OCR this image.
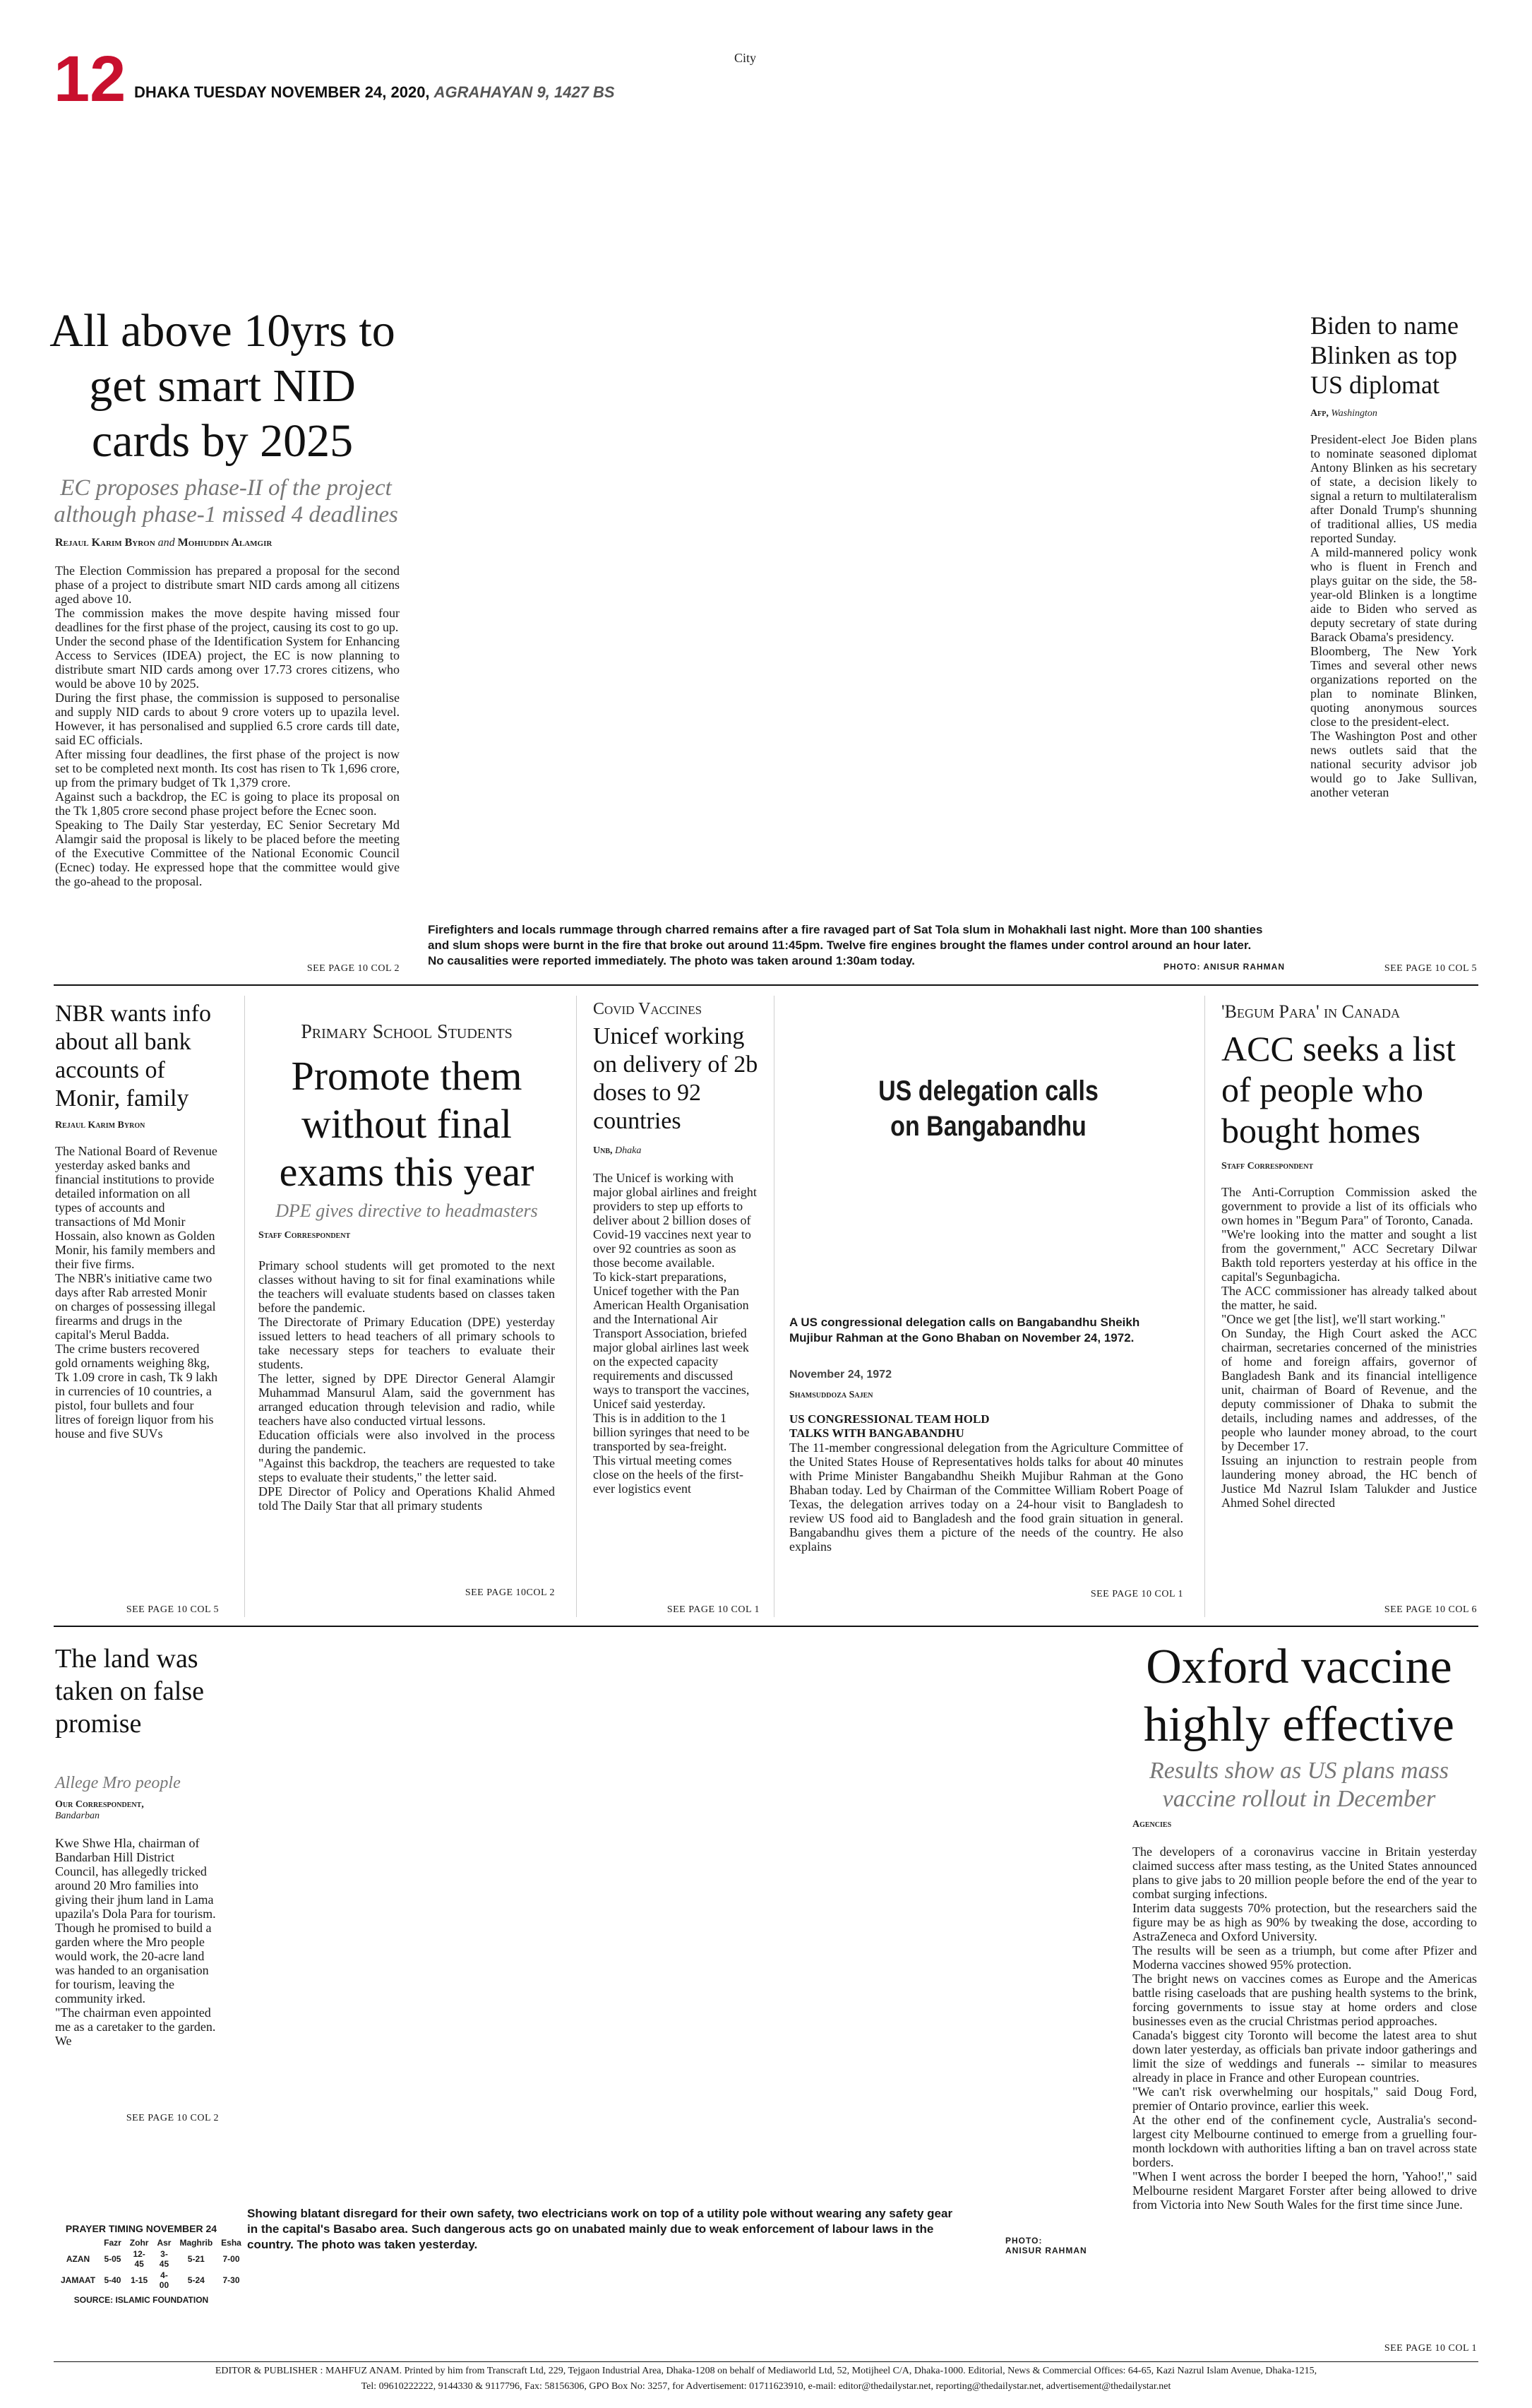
12 DHAKA TUESDAY NOVEMBER 24, 2020, AGRAHAYAN 9, 1427 BS
City
All above 10yrs to get smart NID cards by 2025
EC proposes phase-II of the project although phase-1 missed 4 deadlines
Rejaul Karim Byron and Mohiuddin Alamgir
The Election Commission has prepared a proposal for the second phase of a project to distribute smart NID cards among all citizens aged above 10.
The commission makes the move despite having missed four deadlines for the first phase of the project, causing its cost to go up.
Under the second phase of the Identification System for Enhancing Access to Services (IDEA) project, the EC is now planning to distribute smart NID cards among over 17.73 crores citizens, who would be above 10 by 2025.
During the first phase, the commission is supposed to personalise and supply NID cards to about 9 crore voters up to upazila level. However, it has personalised and supplied 6.5 crore cards till date, said EC officials.
After missing four deadlines, the first phase of the project is now set to be completed next month. Its cost has risen to Tk 1,696 crore, up from the primary budget of Tk 1,379 crore.
Against such a backdrop, the EC is going to place its proposal on the Tk 1,805 crore second phase project before the Ecnec soon.
Speaking to The Daily Star yesterday, EC Senior Secretary Md Alamgir said the proposal is likely to be placed before the meeting of the Executive Committee of the National Economic Council (Ecnec) today. He expressed hope that the committee would give the go-ahead to the proposal.
SEE PAGE 10 COL 2
Firefighters and locals rummage through charred remains after a fire ravaged part of Sat Tola slum in Mohakhali last night. More than 100 shanties and slum shops were burnt in the fire that broke out around 11:45pm. Twelve fire engines brought the flames under control around an hour later. No causalities were reported immediately. The photo was taken around 1:30am today.	PHOTO: ANISUR RAHMAN
Biden to name Blinken as top US diplomat
Afp, Washington
President-elect Joe Biden plans to nominate seasoned diplomat Antony Blinken as his secretary of state, a decision likely to signal a return to multilateralism after Donald Trump's shunning of traditional allies, US media reported Sunday.
A mild-mannered policy wonk who is fluent in French and plays guitar on the side, the 58-year-old Blinken is a longtime aide to Biden who served as deputy secretary of state during Barack Obama's presidency.
Bloomberg, The New York Times and several other news organizations reported on the plan to nominate Blinken, quoting anonymous sources close to the president-elect.
The Washington Post and other news outlets said that the national security advisor job would go to Jake Sullivan, another veteran
SEE PAGE 10 COL 5
NBR wants info about all bank accounts of Monir, family
Rejaul Karim Byron
The National Board of Revenue yesterday asked banks and financial institutions to provide detailed information on all types of accounts and transactions of Md Monir Hossain, also known as Golden Monir, his family members and their five firms.
The NBR's initiative came two days after Rab arrested Monir on charges of possessing illegal firearms and drugs in the capital's Merul Badda.
The crime busters recovered gold ornaments weighing 8kg, Tk 1.09 crore in cash, Tk 9 lakh in currencies of 10 countries, a pistol, four bullets and four litres of foreign liquor from his house and five SUVs
SEE PAGE 10 COL 5
Primary School Students
Promote them without final exams this year
DPE gives directive to headmasters
Staff Correspondent
Primary school students will get promoted to the next classes without having to sit for final examinations while the teachers will evaluate students based on classes taken before the pandemic.
The Directorate of Primary Education (DPE) yesterday issued letters to head teachers of all primary schools to take necessary steps for teachers to evaluate their students.
The letter, signed by DPE Director General Alamgir Muhammad Mansurul Alam, said the government has arranged education through television and radio, while teachers have also conducted virtual lessons.
Education officials were also involved in the process during the pandemic.
"Against this backdrop, the teachers are requested to take steps to evaluate their students," the letter said.
DPE Director of Policy and Operations Khalid Ahmed told The Daily Star that all primary students
SEE PAGE 10COL 2
Covid Vaccines
Unicef working on delivery of 2b doses to 92 countries
Unb, Dhaka
The Unicef is working with major global airlines and freight providers to step up efforts to deliver about 2 billion doses of Covid-19 vaccines next year to over 92 countries as soon as those become available.
To kick-start preparations, Unicef together with the Pan American Health Organisation and the International Air Transport Association, briefed major global airlines last week on the expected capacity requirements and discussed ways to transport the vaccines, Unicef said yesterday.
This is in addition to the 1 billion syringes that need to be transported by sea-freight.
This virtual meeting comes close on the heels of the first-ever logistics event
SEE PAGE 10 COL 1
US delegation calls on Bangabandhu
A US congressional delegation calls on Bangabandhu Sheikh Mujibur Rahman at the Gono Bhaban on November 24, 1972.
November 24, 1972
Shamsuddoza Sajen
US CONGRESSIONAL TEAM HOLD TALKS WITH BANGABANDHU
The 11-member congressional delegation from the Agriculture Committee of the United States House of Representatives holds talks for about 40 minutes with Prime Minister Bangabandhu Sheikh Mujibur Rahman at the Gono Bhaban today. Led by Chairman of the Committee William Robert Poage of Texas, the delegation arrives today on a 24-hour visit to Bangladesh to review US food aid to Bangladesh and the food grain situation in general. Bangabandhu gives them a picture of the needs of the country. He also explains
SEE PAGE 10 COL 1
'Begum Para' in Canada
ACC seeks a list of people who bought homes
Staff Correspondent
The Anti-Corruption Commission asked the government to provide a list of its officials who own homes in "Begum Para" of Toronto, Canada.
"We're looking into the matter and sought a list from the government," ACC Secretary Dilwar Bakth told reporters yesterday at his office in the capital's Segunbagicha.
The ACC commissioner has already talked about the matter, he said.
"Once we get [the list], we'll start working."
On Sunday, the High Court asked the ACC chairman, secretaries concerned of the ministries of home and foreign affairs, governor of Bangladesh Bank and its financial intelligence unit, chairman of Board of Revenue, and the deputy commissioner of Dhaka to submit the details, including names and addresses, of the people who launder money abroad, to the court by December 17.
Issuing an injunction to restrain people from laundering money abroad, the HC bench of Justice Md Nazrul Islam Talukder and Justice Ahmed Sohel directed
SEE PAGE 10 COL 6
The land was taken on false promise
Allege Mro people
Our Correspondent,
Bandarban
Kwe Shwe Hla, chairman of Bandarban Hill District Council, has allegedly tricked around 20 Mro families into giving their jhum land in Lama upazila's Dola Para for tourism.
Though he promised to build a garden where the Mro people would work, the 20-acre land was handed to an organisation for tourism, leaving the community irked.
"The chairman even appointed me as a caretaker to the garden. We
SEE PAGE 10 COL 2
Oxford vaccine highly effective
Results show as US plans mass vaccine rollout in December
Agencies
The developers of a coronavirus vaccine in Britain yesterday claimed success after mass testing, as the United States announced plans to give jabs to 20 million people before the end of the year to combat surging infections.
Interim data suggests 70% protection, but the researchers said the figure may be as high as 90% by tweaking the dose, according to AstraZeneca and Oxford University.
The results will be seen as a triumph, but come after Pfizer and Moderna vaccines showed 95% protection.
The bright news on vaccines comes as Europe and the Americas battle rising caseloads that are pushing health systems to the brink, forcing governments to issue stay at home orders and close businesses even as the crucial Christmas period approaches.
Canada's biggest city Toronto will become the latest area to shut down later yesterday, as officials ban private indoor gatherings and limit the size of weddings and funerals -- similar to measures already in place in France and other European countries.
"We can't risk overwhelming our hospitals," said Doug Ford, premier of Ontario province, earlier this week.
At the other end of the confinement cycle, Australia's second-largest city Melbourne continued to emerge from a gruelling four-month lockdown with authorities lifting a ban on travel across state borders.
"When I went across the border I beeped the horn, 'Yahoo!'," said Melbourne resident Margaret Forster after being allowed to drive from Victoria into New South Wales for the first time since June.
SEE PAGE 10 COL 1
PRAYER TIMING NOVEMBER 24
	Fazr	Zohr	Asr	Maghrib	Esha
AZAN	5-05	12-45	3-45	5-21	7-00
JAMAAT	5-40	1-15	4-00	5-24	7-30
SOURCE: ISLAMIC FOUNDATION
Showing blatant disregard for their own safety, two electricians work on top of a utility pole without wearing any safety gear in the capital's Basabo area. Such dangerous acts go on unabated mainly due to weak enforcement of labour laws in the country. The photo was taken yesterday.	PHOTO:
ANISUR RAHMAN
EDITOR & PUBLISHER : MAHFUZ ANAM. Printed by him from Transcraft Ltd, 229, Tejgaon Industrial Area, Dhaka-1208 on behalf of Mediaworld Ltd, 52, Motijheel C/A, Dhaka-1000. Editorial, News & Commercial Offices: 64-65, Kazi Nazrul Islam Avenue, Dhaka-1215,
Tel: 09610222222, 9144330 & 9117796, Fax: 58156306, GPO Box No: 3257, for Advertisement: 01711623910, e-mail: editor@thedailystar.net, reporting@thedailystar.net, advertisement@thedailystar.net
